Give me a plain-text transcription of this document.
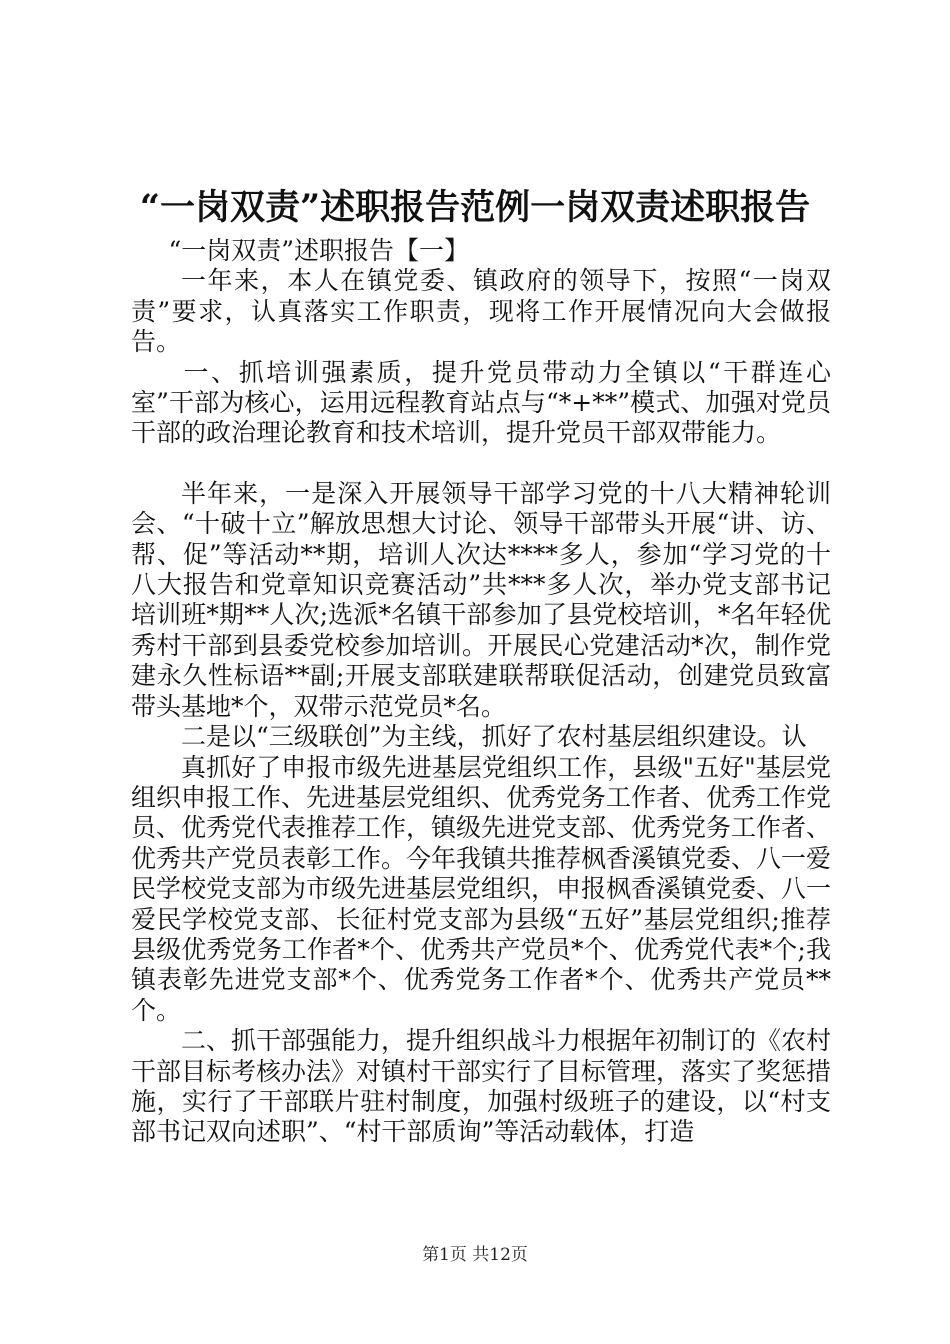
“一岗双责”述职报告范例一岗双责述职报告

“一岗双责”述职报告【一】

一年来，本人在镇党委、镇政府的领导下，按照“一岗双责”要求，认真落实工作职责，现将工作开展情况向大会做报告。

一、抓培训强素质，提升党员带动力全镇以“干群连心室”干部为核心，运用远程教育站点与“*+**”模式、加强对党员干部的政治理论教育和技术培训，提升党员干部双带能力。

半年来，一是深入开展领导干部学习党的十八大精神轮训会、“十破十立”解放思想大讨论、领导干部带头开展“讲、访、帮、促”等活动**期，培训人次达****多人，参加“学习党的十八大报告和党章知识竞赛活动”共***多人次，举办党支部书记培训班*期**人次;选派*名镇干部参加了县党校培训，*名年轻优秀村干部到县委党校参加培训。开展民心党建活动*次，制作党建永久性标语**副;开展支部联建联帮联促活动，创建党员致富带头基地*个，双带示范党员*名。

二是以“三级联创”为主线，抓好了农村基层组织建设。认

真抓好了申报市级先进基层党组织工作，县级"五好"基层党组织申报工作、先进基层党组织、优秀党务工作者、优秀工作党员、优秀党代表推荐工作，镇级先进党支部、优秀党务工作者、优秀共产党员表彰工作。今年我镇共推荐枫香溪镇党委、八一爱民学校党支部为市级先进基层党组织，申报枫香溪镇党委、八一爱民学校党支部、长征村党支部为县级“五好”基层党组织;推荐县级优秀党务工作者*个、优秀共产党员*个、优秀党代表*个;我镇表彰先进党支部*个、优秀党务工作者*个、优秀共产党员**个。

二、抓干部强能力，提升组织战斗力根据年初制订的《农村干部目标考核办法》对镇村干部实行了目标管理，落实了奖惩措施，实行了干部联片驻村制度，加强村级班子的建设，以“村支部书记双向述职”、“村干部质询”等活动载体，打造

第1页 共12页
